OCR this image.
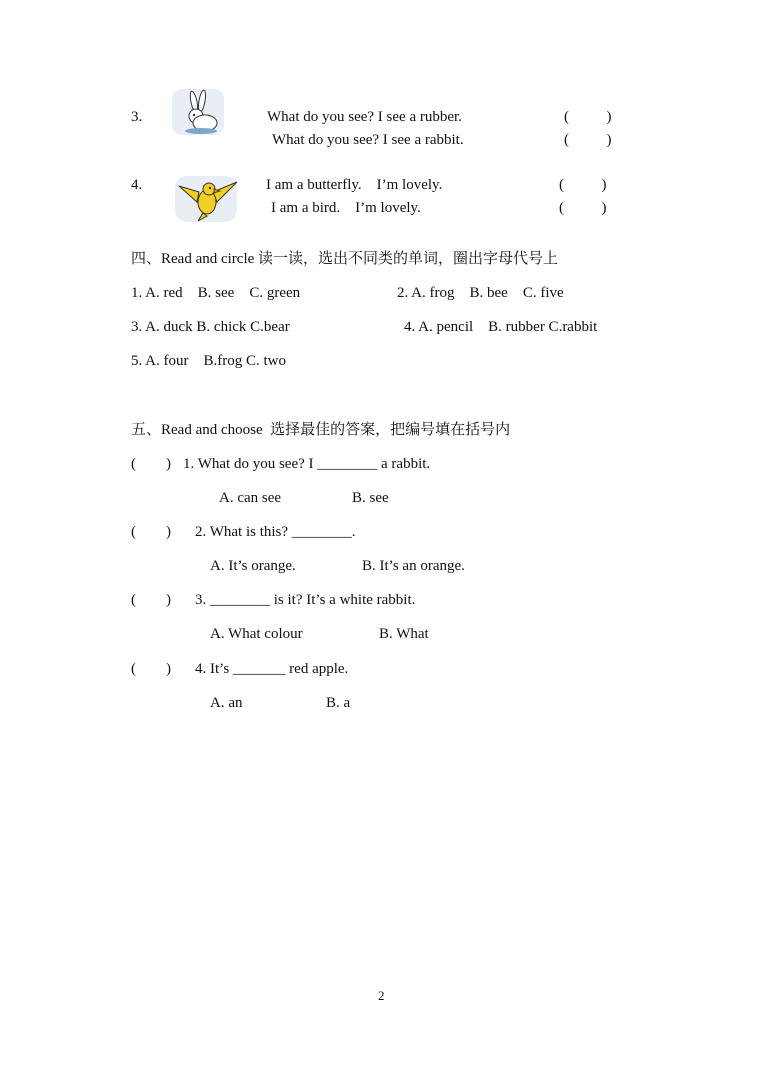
3.	What do you see? I see a rubber.	(          )
What do you see? I see a rabbit.	(          )
4.	I am a butterfly.    I’m lovely.	(          )
I am a bird.    I’m lovely.	(          )
四、Read and circle 读一读，选出不同类的单词，圈出字母代号上
1. A. red    B. see    C. green	2. A. frog    B. bee    C. five
3. A. duck B. chick C.bear	4. A. pencil    B. rubber C.rabbit
5. A. four    B.frog C. two
五、Read and choose  选择最佳的答案，把编号填在括号内
(        ) 1. What do you see? I ________ a rabbit.
A. can see	B. see
(        ) 2. What is this? ________.
A. It’s orange.	B. It’s an orange.
(        ) 3. ________ is it? It’s a white rabbit.
A. What colour	B. What
(        ) 4. It’s _______ red apple.
A. an	B. a
2
